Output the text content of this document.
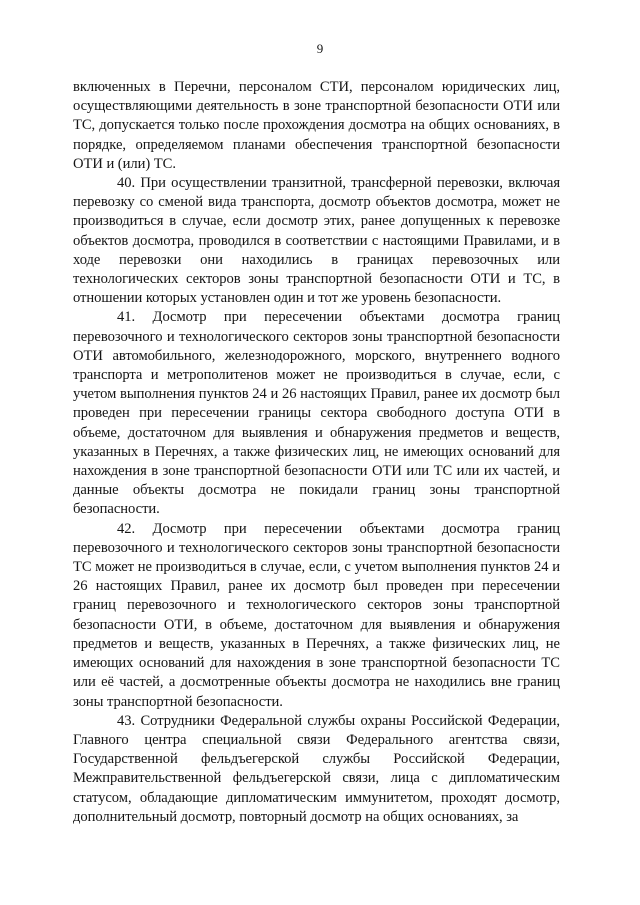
9

включенных в Перечни, персоналом СТИ, персоналом юридических лиц, осуществляющими деятельность в зоне транспортной безопасности ОТИ или ТС, допускается только после прохождения досмотра на общих основаниях, в порядке, определяемом планами обеспечения транспортной безопасности ОТИ и (или) ТС.

40. При осуществлении транзитной, трансферной перевозки, включая перевозку со сменой вида транспорта, досмотр объектов досмотра, может не производиться в случае, если досмотр этих, ранее допущенных к перевозке объектов досмотра, проводился в соответствии с настоящими Правилами, и в ходе перевозки они находились в границах перевозочных или технологических секторов зоны транспортной безопасности ОТИ и ТС, в отношении которых установлен один и тот же уровень безопасности.

41. Досмотр при пересечении объектами досмотра границ перевозочного и технологического секторов зоны транспортной безопасности ОТИ автомобильного, железнодорожного, морского, внутреннего водного транспорта и метрополитенов может не производиться в случае, если, с учетом выполнения пунктов 24 и 26 настоящих Правил, ранее их досмотр был проведен при пересечении границы сектора свободного доступа ОТИ в объеме, достаточном для выявления и обнаружения предметов и веществ, указанных в Перечнях, а также физических лиц, не имеющих оснований для нахождения в зоне транспортной безопасности ОТИ или ТС или их частей, и данные объекты досмотра не покидали границ зоны транспортной безопасности.

42. Досмотр при пересечении объектами досмотра границ перевозочного и технологического секторов зоны транспортной безопасности ТС может не производиться в случае, если, с учетом выполнения пунктов 24 и 26 настоящих Правил, ранее их досмотр был проведен при пересечении границ перевозочного и технологического секторов зоны транспортной безопасности ОТИ, в объеме, достаточном для выявления и обнаружения предметов и веществ, указанных в Перечнях, а также физических лиц, не имеющих оснований для нахождения в зоне транспортной безопасности ТС или её частей, а досмотренные объекты досмотра не находились вне границ зоны транспортной безопасности.

43. Сотрудники Федеральной службы охраны Российской Федерации, Главного центра специальной связи Федерального агентства связи, Государственной фельдъегерской службы Российской Федерации, Межправительственной фельдъегерской связи, лица с дипломатическим статусом, обладающие дипломатическим иммунитетом, проходят досмотр, дополнительный досмотр, повторный досмотр на общих основаниях, за
